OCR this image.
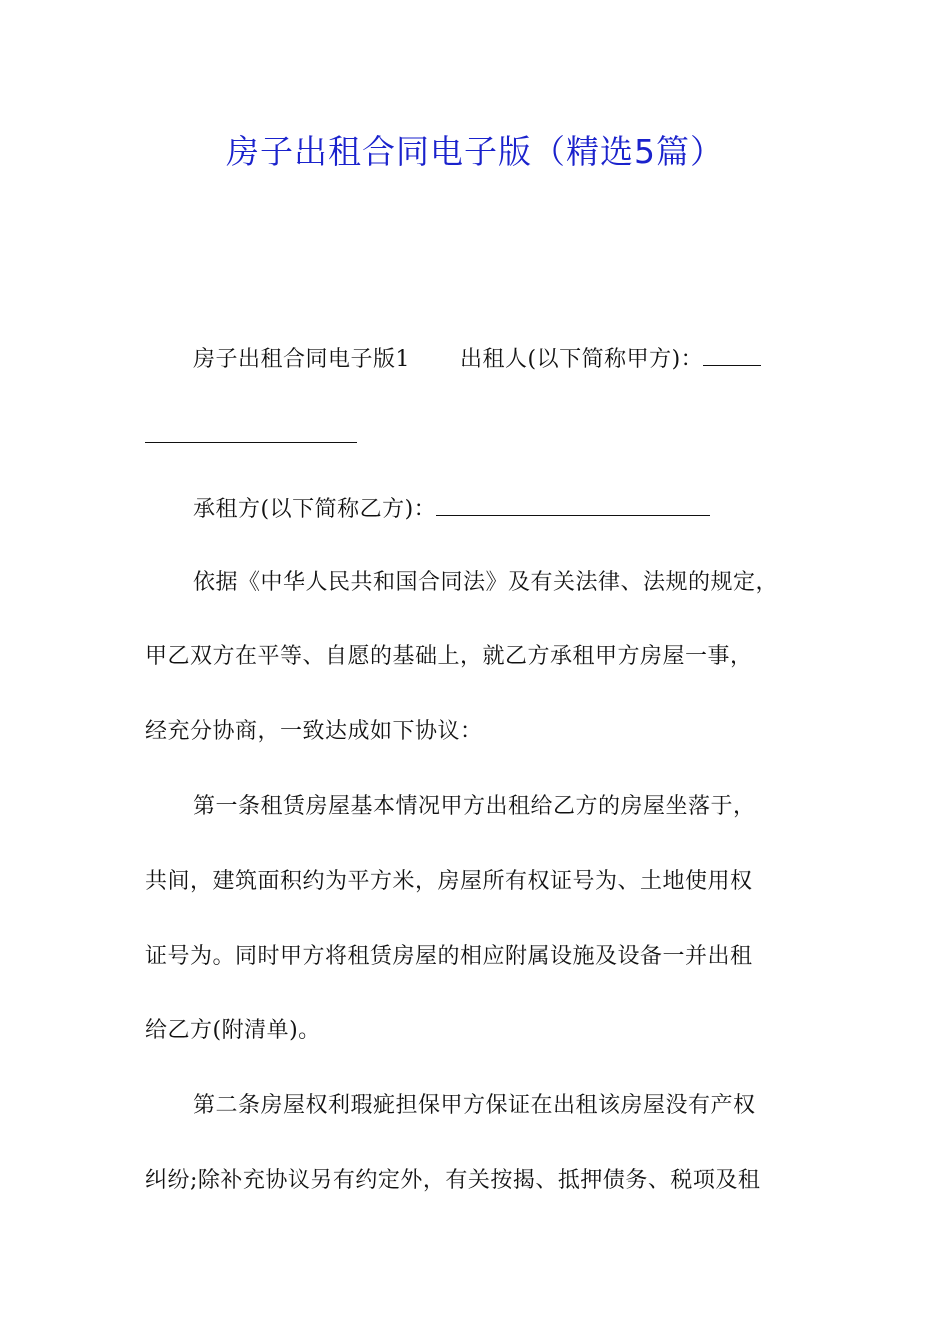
房子出租合同电子版（精选5篇）
房子出租合同电子版1 出租人(以下简称甲方)：
承租方(以下简称乙方)：
依据《中华人民共和国合同法》及有关法律、法规的规定，
甲乙双方在平等、自愿的基础上，就乙方承租甲方房屋一事，
经充分协商，一致达成如下协议：
第一条租赁房屋基本情况甲方出租给乙方的房屋坐落于，
共间，建筑面积约为平方米，房屋所有权证号为、土地使用权
证号为。同时甲方将租赁房屋的相应附属设施及设备一并出租
给乙方(附清单)。
第二条房屋权利瑕疵担保甲方保证在出租该房屋没有产权
纠纷;除补充协议另有约定外，有关按揭、抵押债务、税项及租
